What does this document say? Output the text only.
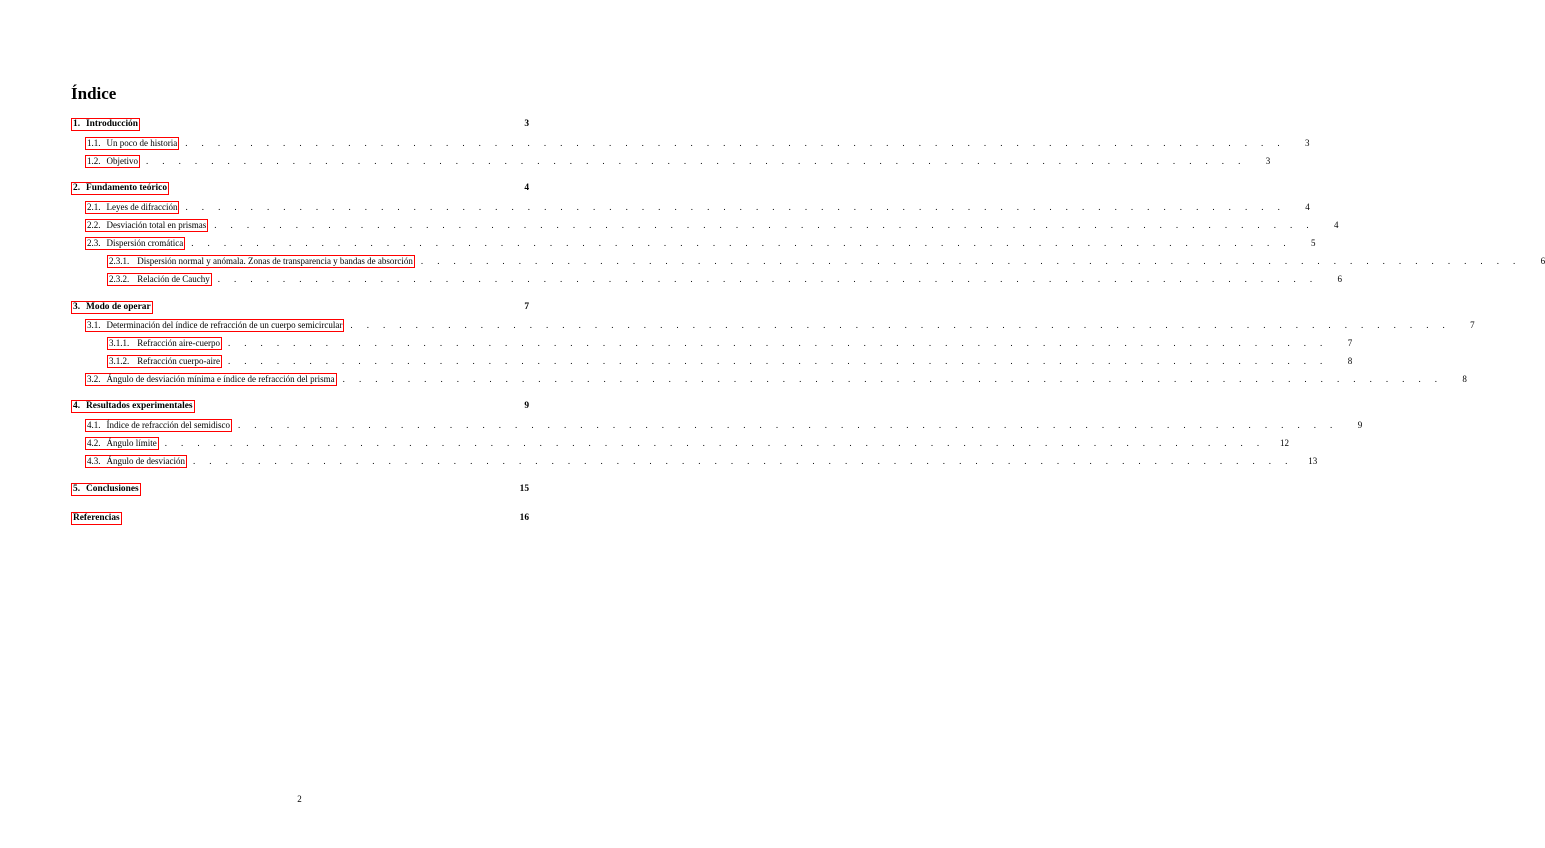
Índice
1. Introducción	3
1.1. Un poco de historia . . . . . . . . . . . . . . . . . . . . . . . . . . . . . . . . . . . . . . . . . . . . . . . . . . . . . . . . . . . . . . . . . . . .	3
1.2. Objetivo . . . . . . . . . . . . . . . . . . . . . . . . . . . . . . . . . . . . . . . . . . . . . . . . . . . . . . . . . . . . . . . . . . . .	3
2. Fundamento teórico	4
2.1. Leyes de difracción . . . . . . . . . . . . . . . . . . . . . . . . . . . . . . . . . . . . . . . . . . . . . . . . . . . . . . . . . . . . . . . . . . . .	4
2.2. Desviación total en prismas . . . . . . . . . . . . . . . . . . . . . . . . . . . . . . . . . . . . . . . . . . . . . . . . . . . . . . . . . . . . . . . . . . . .	4
2.3. Dispersión cromática . . . . . . . . . . . . . . . . . . . . . . . . . . . . . . . . . . . . . . . . . . . . . . . . . . . . . . . . . . . . . . . . . . . .	5
2.3.1. Dispersión normal y anómala. Zonas de transparencia y bandas de absorción . . . . . . . . . . . . . . . . . . . . . . . . . . . . . . . . . . . . . . . . . . . . . . . . . . . . . . . . . . . . . . . . . . . .	6
2.3.2. Relación de Cauchy . . . . . . . . . . . . . . . . . . . . . . . . . . . . . . . . . . . . . . . . . . . . . . . . . . . . . . . . . . . . . . . . . . . .	6
3. Modo de operar	7
3.1. Determinación del índice de refracción de un cuerpo semicircular . . . . . . . . . . . . . . . . . . . . . . . . . . . . . . . . . . . . . . . . . . . . . . . . . . . . . . . . . . . . . . . . . . . .	7
3.1.1. Refracción aire-cuerpo . . . . . . . . . . . . . . . . . . . . . . . . . . . . . . . . . . . . . . . . . . . . . . . . . . . . . . . . . . . . . . . . . . . .	7
3.1.2. Refracción cuerpo-aire . . . . . . . . . . . . . . . . . . . . . . . . . . . . . . . . . . . . . . . . . . . . . . . . . . . . . . . . . . . . . . . . . . . .	8
3.2. Ángulo de desviación mínima e índice de refracción del prisma . . . . . . . . . . . . . . . . . . . . . . . . . . . . . . . . . . . . . . . . . . . . . . . . . . . . . . . . . . . . . . . . . . . .	8
4. Resultados experimentales	9
4.1. Índice de refracción del semidisco . . . . . . . . . . . . . . . . . . . . . . . . . . . . . . . . . . . . . . . . . . . . . . . . . . . . . . . . . . . . . . . . . . . .	9
4.2. Ángulo límite . . . . . . . . . . . . . . . . . . . . . . . . . . . . . . . . . . . . . . . . . . . . . . . . . . . . . . . . . . . . . . . . . . . .	12
4.3. Ángulo de desviación . . . . . . . . . . . . . . . . . . . . . . . . . . . . . . . . . . . . . . . . . . . . . . . . . . . . . . . . . . . . . . . . . . . .	13
5. Conclusiones	15
Referencias	16

2
